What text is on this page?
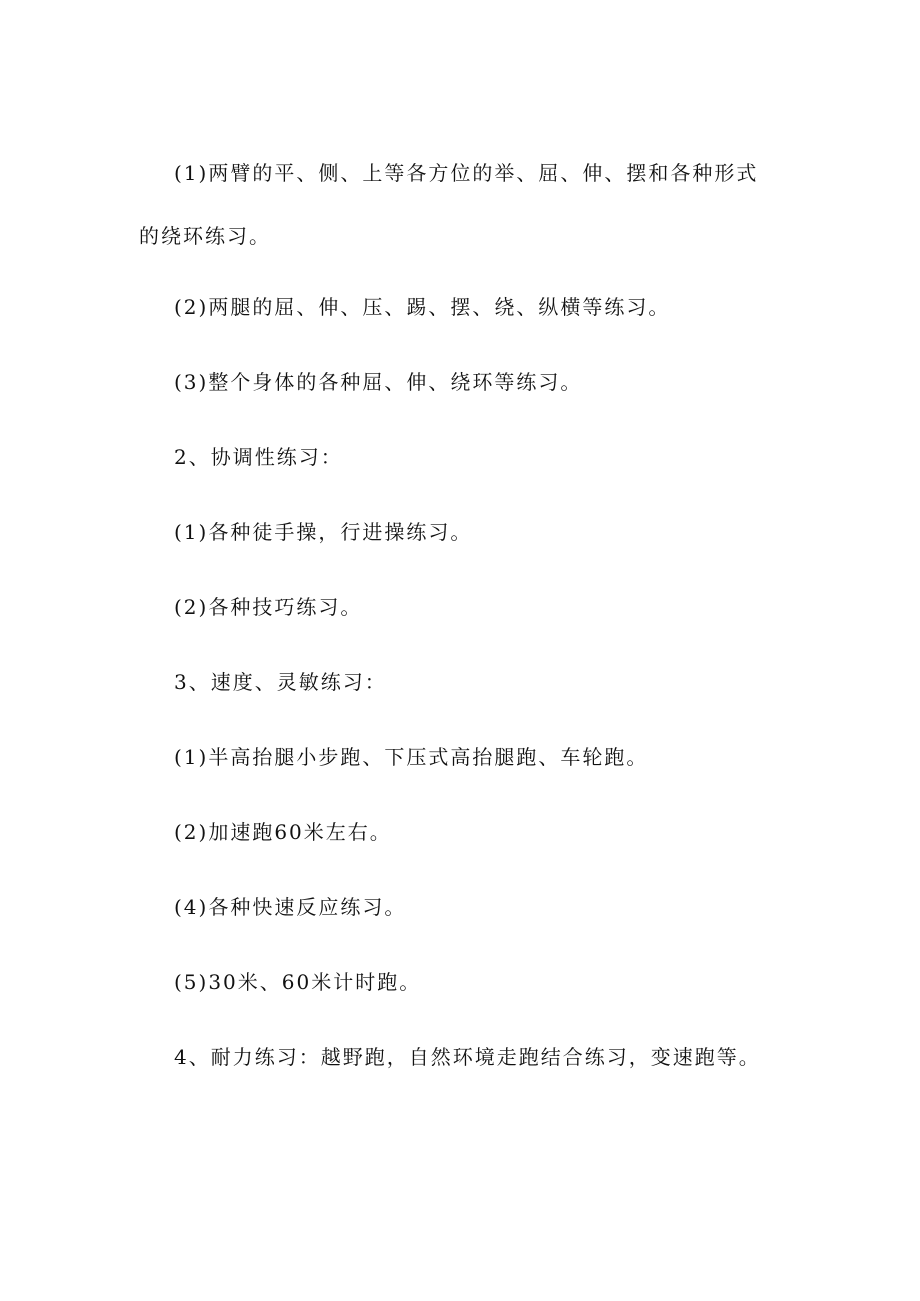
(1)两臂的平、侧、上等各方位的举、屈、伸、摆和各种形式
的绕环练习。
(2)两腿的屈、伸、压、踢、摆、绕、纵横等练习。
(3)整个身体的各种屈、伸、绕环等练习。
2、协调性练习：
(1)各种徒手操，行进操练习。
(2)各种技巧练习。
3、速度、灵敏练习：
(1)半高抬腿小步跑、下压式高抬腿跑、车轮跑。
(2)加速跑60米左右。
(4)各种快速反应练习。
(5)30米、60米计时跑。
4、耐力练习：越野跑，自然环境走跑结合练习，变速跑等。
